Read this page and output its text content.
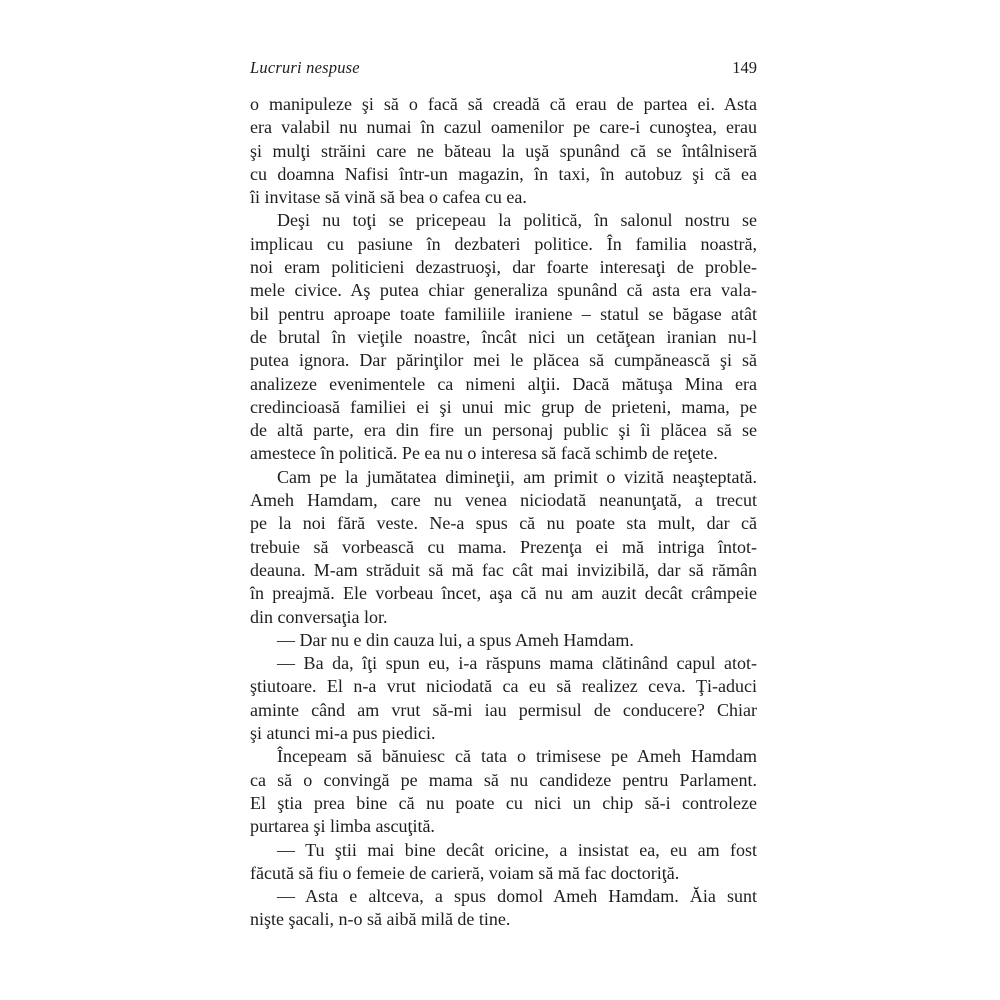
Lucruri nespuse	149
o manipuleze şi să o facă să creadă că erau de partea ei. Asta
era valabil nu numai în cazul oamenilor pe care-i cunoştea, erau
şi mulţi străini care ne băteau la uşă spunând că se întâlniseră
cu doamna Nafisi într-un magazin, în taxi, în autobuz şi că ea
îi invitase să vină să bea o cafea cu ea.
Deşi nu toţi se pricepeau la politică, în salonul nostru se
implicau cu pasiune în dezbateri politice. În familia noastră,
noi eram politicieni dezastruoşi, dar foarte interesaţi de proble-
mele civice. Aş putea chiar generaliza spunând că asta era vala-
bil pentru aproape toate familiile iraniene – statul se băgase atât
de brutal în vieţile noastre, încât nici un cetăţean iranian nu-l
putea ignora. Dar părinţilor mei le plăcea să cumpănească şi să
analizeze evenimentele ca nimeni alţii. Dacă mătuşa Mina era
credincioasă familiei ei şi unui mic grup de prieteni, mama, pe
de altă parte, era din fire un personaj public şi îi plăcea să se
amestece în politică. Pe ea nu o interesa să facă schimb de reţete.
Cam pe la jumătatea dimineţii, am primit o vizită neaşteptată.
Ameh Hamdam, care nu venea niciodată neanunţată, a trecut
pe la noi fără veste. Ne-a spus că nu poate sta mult, dar că
trebuie să vorbească cu mama. Prezenţa ei mă intriga întot-
deauna. M-am străduit să mă fac cât mai invizibilă, dar să rămân
în preajmă. Ele vorbeau încet, aşa că nu am auzit decât crâmpeie
din conversaţia lor.
— Dar nu e din cauza lui, a spus Ameh Hamdam.
— Ba da, îţi spun eu, i-a răspuns mama clătinând capul atot-
ştiutoare. El n-a vrut niciodată ca eu să realizez ceva. Ţi-aduci
aminte când am vrut să-mi iau permisul de conducere? Chiar
şi atunci mi-a pus piedici.
Începeam să bănuiesc că tata o trimisese pe Ameh Hamdam
ca să o convingă pe mama să nu candideze pentru Parlament.
El ştia prea bine că nu poate cu nici un chip să-i controleze
purtarea şi limba ascuţită.
— Tu ştii mai bine decât oricine, a insistat ea, eu am fost
făcută să fiu o femeie de carieră, voiam să mă fac doctoriţă.
— Asta e altceva, a spus domol Ameh Hamdam. Ăia sunt
nişte şacali, n-o să aibă milă de tine.
